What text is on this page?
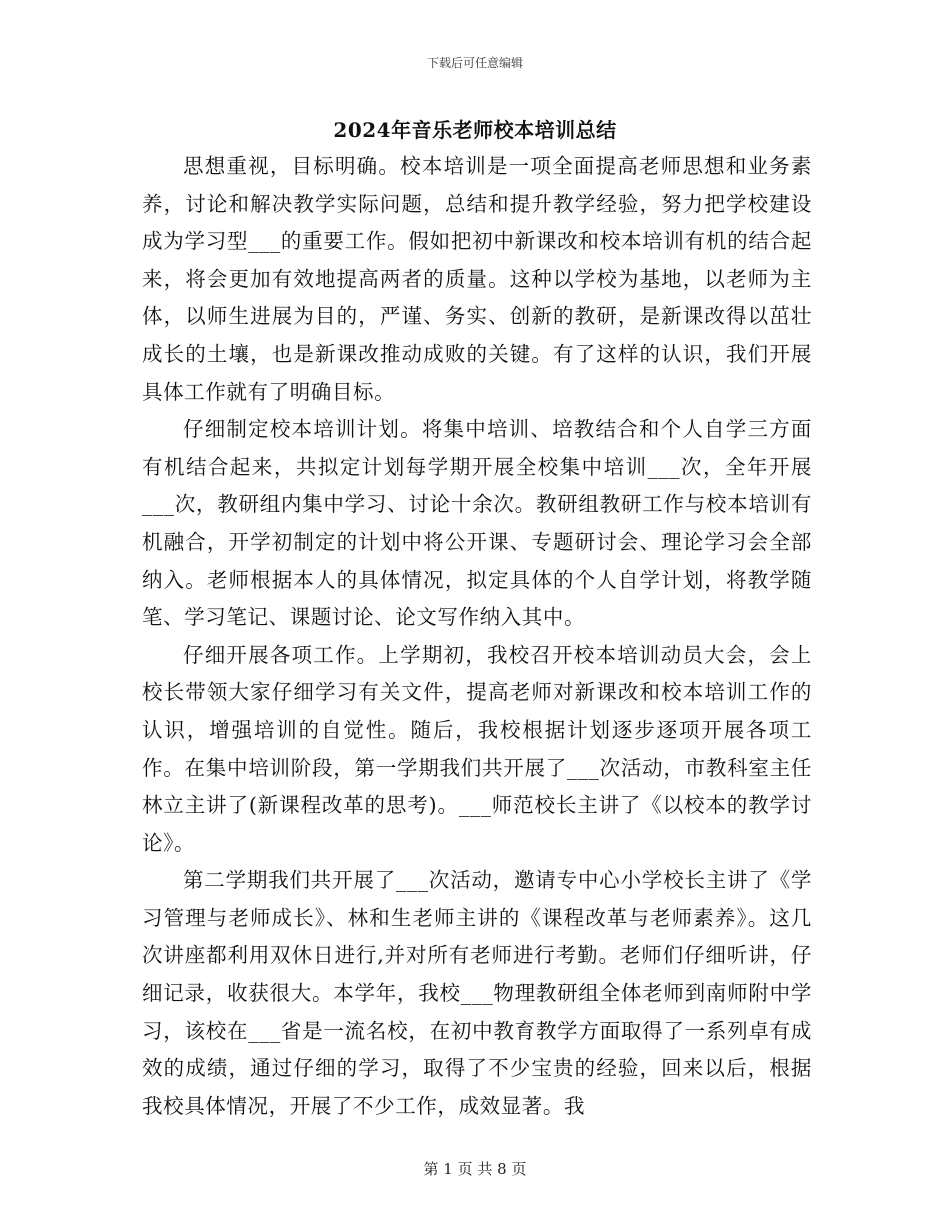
下载后可任意编辑
2024年音乐老师校本培训总结

思想重视，目标明确。校本培训是一项全面提高老师思想和业务素养，讨论和解决教学实际问题，总结和提升教学经验，努力把学校建设成为学习型___的重要工作。假如把初中新课改和校本培训有机的结合起来，将会更加有效地提高两者的质量。这种以学校为基地，以老师为主体，以师生进展为目的，严谨、务实、创新的教研，是新课改得以茁壮成长的土壤，也是新课改推动成败的关键。有了这样的认识，我们开展具体工作就有了明确目标。

仔细制定校本培训计划。将集中培训、培教结合和个人自学三方面有机结合起来，共拟定计划每学期开展全校集中培训___次，全年开展___次，教研组内集中学习、讨论十余次。教研组教研工作与校本培训有机融合，开学初制定的计划中将公开课、专题研讨会、理论学习会全部纳入。老师根据本人的具体情况，拟定具体的个人自学计划，将教学随笔、学习笔记、课题讨论、论文写作纳入其中。

仔细开展各项工作。上学期初，我校召开校本培训动员大会，会上校长带领大家仔细学习有关文件，提高老师对新课改和校本培训工作的认识，增强培训的自觉性。随后，我校根据计划逐步逐项开展各项工作。在集中培训阶段，第一学期我们共开展了___次活动，市教科室主任林立主讲了(新课程改革的思考)。___师范校长主讲了《以校本的教学讨论》。

第二学期我们共开展了___次活动，邀请专中心小学校长主讲了《学习管理与老师成长》、林和生老师主讲的《课程改革与老师素养》。这几次讲座都利用双休日进行,并对所有老师进行考勤。老师们仔细听讲，仔细记录，收获很大。本学年，我校___物理教研组全体老师到南师附中学习，该校在___省是一流名校，在初中教育教学方面取得了一系列卓有成效的成绩，通过仔细的学习，取得了不少宝贵的经验，回来以后，根据我校具体情况，开展了不少工作，成效显著。我

第 1 页 共 8 页
